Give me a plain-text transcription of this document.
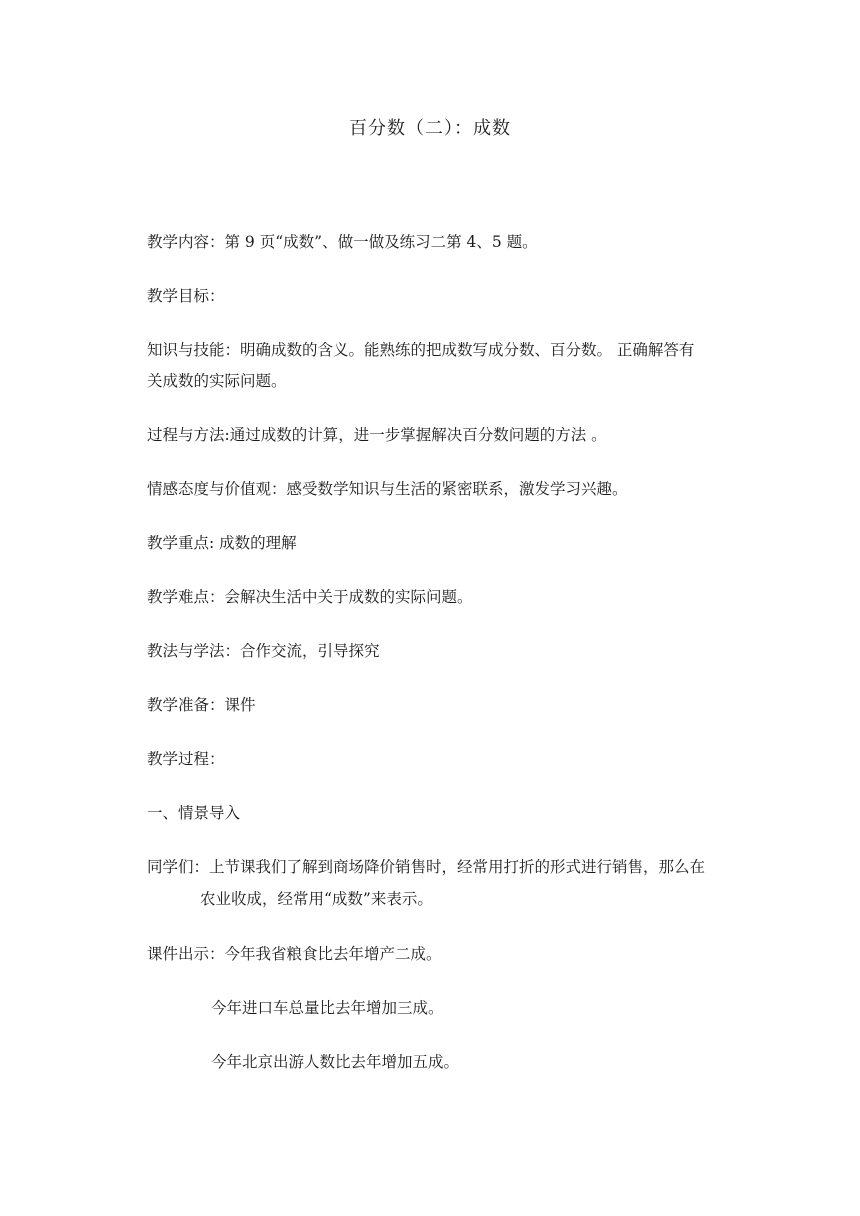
百分数（二）：成数
教学内容：第 9 页“成数”、做一做及练习二第 4、5 题。
教学目标：
知识与技能：明确成数的含义。能熟练的把成数写成分数、百分数。 正确解答有
关成数的实际问题。
过程与方法:通过成数的计算，进一步掌握解决百分数问题的方法 。
情感态度与价值观：感受数学知识与生活的紧密联系，激发学习兴趣。
教学重点: 成数的理解
教学难点：会解决生活中关于成数的实际问题。
教法与学法：合作交流，引导探究
教学准备：课件
教学过程：
一、情景导入
同学们：上节课我们了解到商场降价销售时，经常用打折的形式进行销售，那么在
农业收成，经常用“成数”来表示。
课件出示：今年我省粮食比去年增产二成。
今年进口车总量比去年增加三成。
今年北京出游人数比去年增加五成。
